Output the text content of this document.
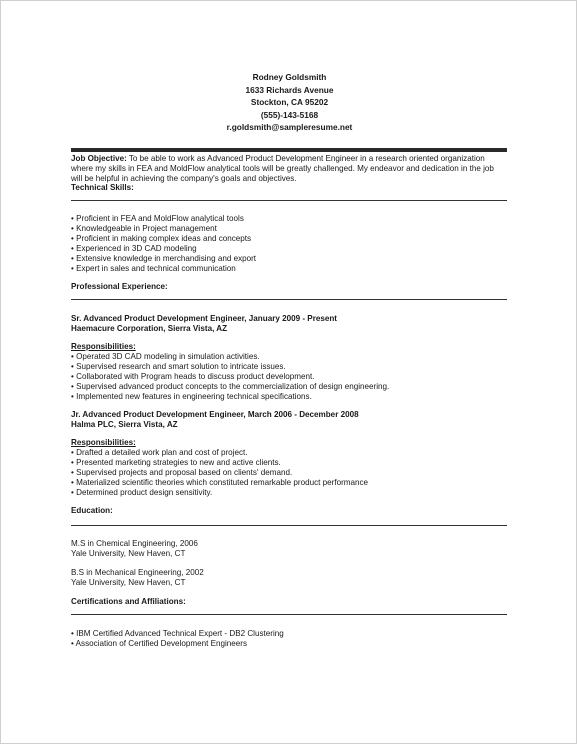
Rodney Goldsmith
1633 Richards Avenue
Stockton, CA 95202
(555)-143-5168
r.goldsmith@sampleresume.net
Job Objective: To be able to work as Advanced Product Development Engineer in a research oriented organization where my skills in FEA and MoldFlow analytical tools will be greatly challenged. My endeavor and dedication in the job will be helpful in achieving the company's goals and objectives.
Technical Skills:
• Proficient in FEA and MoldFlow analytical tools
• Knowledgeable in Project management
• Proficient in making complex ideas and concepts
• Experienced in 3D CAD modeling
• Extensive knowledge in merchandising and export
• Expert in sales and technical communication
Professional Experience:
Sr. Advanced Product Development Engineer, January 2009 - Present
Haemacure Corporation, Sierra Vista, AZ
Responsibilities:
• Operated 3D CAD modeling in simulation activities.
• Supervised research and smart solution to intricate issues.
• Collaborated with Program heads to discuss product development.
• Supervised advanced product concepts to the commercialization of design engineering.
• Implemented new features in engineering technical specifications.
Jr. Advanced Product Development Engineer, March 2006 - December 2008
Halma PLC, Sierra Vista, AZ
Responsibilities:
• Drafted a detailed work plan and cost of project.
• Presented marketing strategies to new and active clients.
• Supervised projects and proposal based on clients' demand.
• Materialized scientific theories which constituted remarkable product performance
• Determined product design sensitivity.
Education:
M.S in Chemical Engineering, 2006
Yale University, New Haven, CT
B.S in Mechanical Engineering, 2002
Yale University, New Haven, CT
Certifications and Affiliations:
• IBM Certified Advanced Technical Expert - DB2 Clustering
• Association of Certified Development Engineers
